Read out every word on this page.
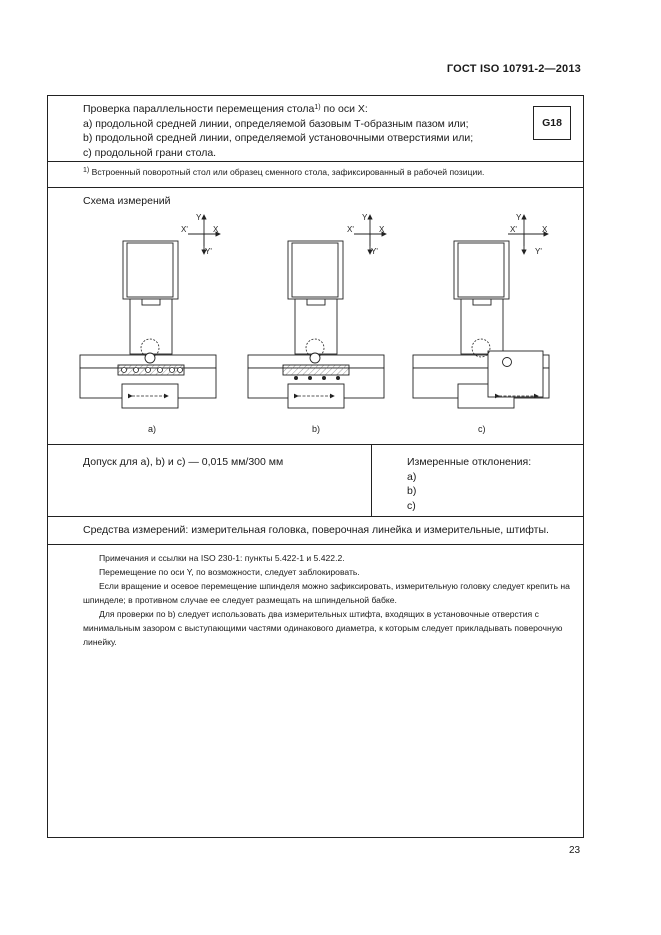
ГОСТ ISO 10791-2—2013
Проверка параллельности перемещения стола$^{1)}$ по оси Х:
а) продольной средней линии, определяемой базовым Т-образным пазом или;
b) продольной средней линии, определяемой установочными отверстиями или;
с) продольной грани стола.
G18
$^{1)}$ Встроенный поворотный стол или образец сменного стола, зафиксированный в рабочей позиции.
Схема измерений
Y
X'	X
Y'
а)
Y
X'	X
Y'
b)
Y
X'	X
Y'
с)
Допуск для а), b) и с) — 0,015 мм/300 мм	Измеренные отклонения:
а)
b)
с)
Средства измерений: измерительная головка, поверочная линейка и измерительные, штифты.

Примечания и ссылки на ISO 230-1: пункты 5.422-1 и 5.422.2.

Перемещение по оси Y, по возможности, следует заблокировать.

Если вращение и осевое перемещение шпинделя можно зафиксировать, измерительную головку следует крепить на шпинделе; в противном случае ее следует размещать на шпиндельной бабке.

Для проверки по b) следует использовать два измерительных штифта, входящих в установочные отверстия с минимальным зазором с выступающими частями одинакового диаметра, к которым следует прикладывать поверочную линейку.

23
